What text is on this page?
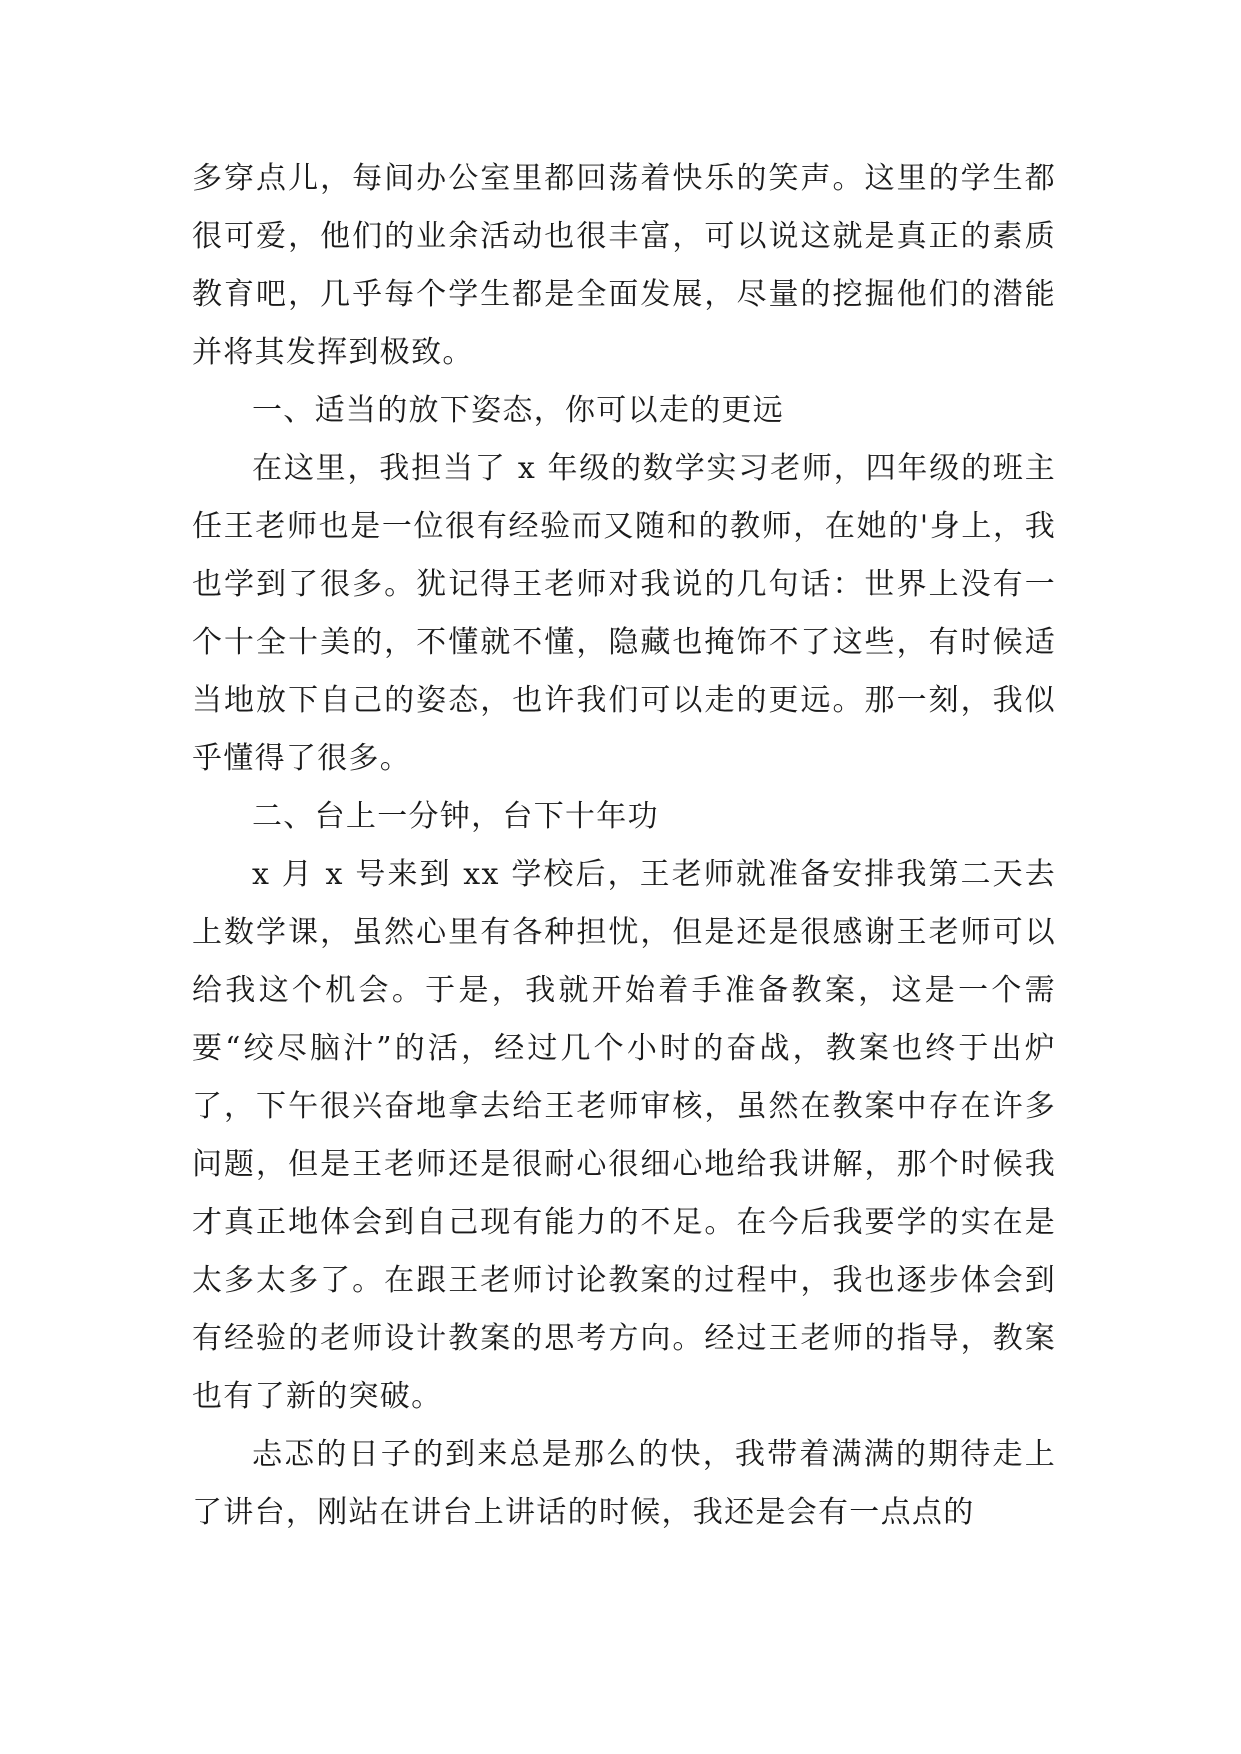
多穿点儿，每间办公室里都回荡着快乐的笑声。这里的学生都很可爱，他们的业余活动也很丰富，可以说这就是真正的素质教育吧，几乎每个学生都是全面发展，尽量的挖掘他们的潜能并将其发挥到极致。

一、适当的放下姿态，你可以走的更远

在这里，我担当了 x 年级的数学实习老师，四年级的班主任王老师也是一位很有经验而又随和的教师，在她的'身上，我也学到了很多。犹记得王老师对我说的几句话：世界上没有一个十全十美的，不懂就不懂，隐藏也掩饰不了这些，有时候适当地放下自己的姿态，也许我们可以走的更远。那一刻，我似乎懂得了很多。

二、台上一分钟，台下十年功

x 月 x 号来到 xx 学校后，王老师就准备安排我第二天去上数学课，虽然心里有各种担忧，但是还是很感谢王老师可以给我这个机会。于是，我就开始着手准备教案，这是一个需要“绞尽脑汁”的活，经过几个小时的奋战，教案也终于出炉了，下午很兴奋地拿去给王老师审核，虽然在教案中存在许多问题，但是王老师还是很耐心很细心地给我讲解，那个时候我才真正地体会到自己现有能力的不足。在今后我要学的实在是太多太多了。在跟王老师讨论教案的过程中，我也逐步体会到有经验的老师设计教案的思考方向。经过王老师的指导，教案也有了新的突破。

忐忑的日子的到来总是那么的快，我带着满满的期待走上了讲台，刚站在讲台上讲话的时候，我还是会有一点点的
